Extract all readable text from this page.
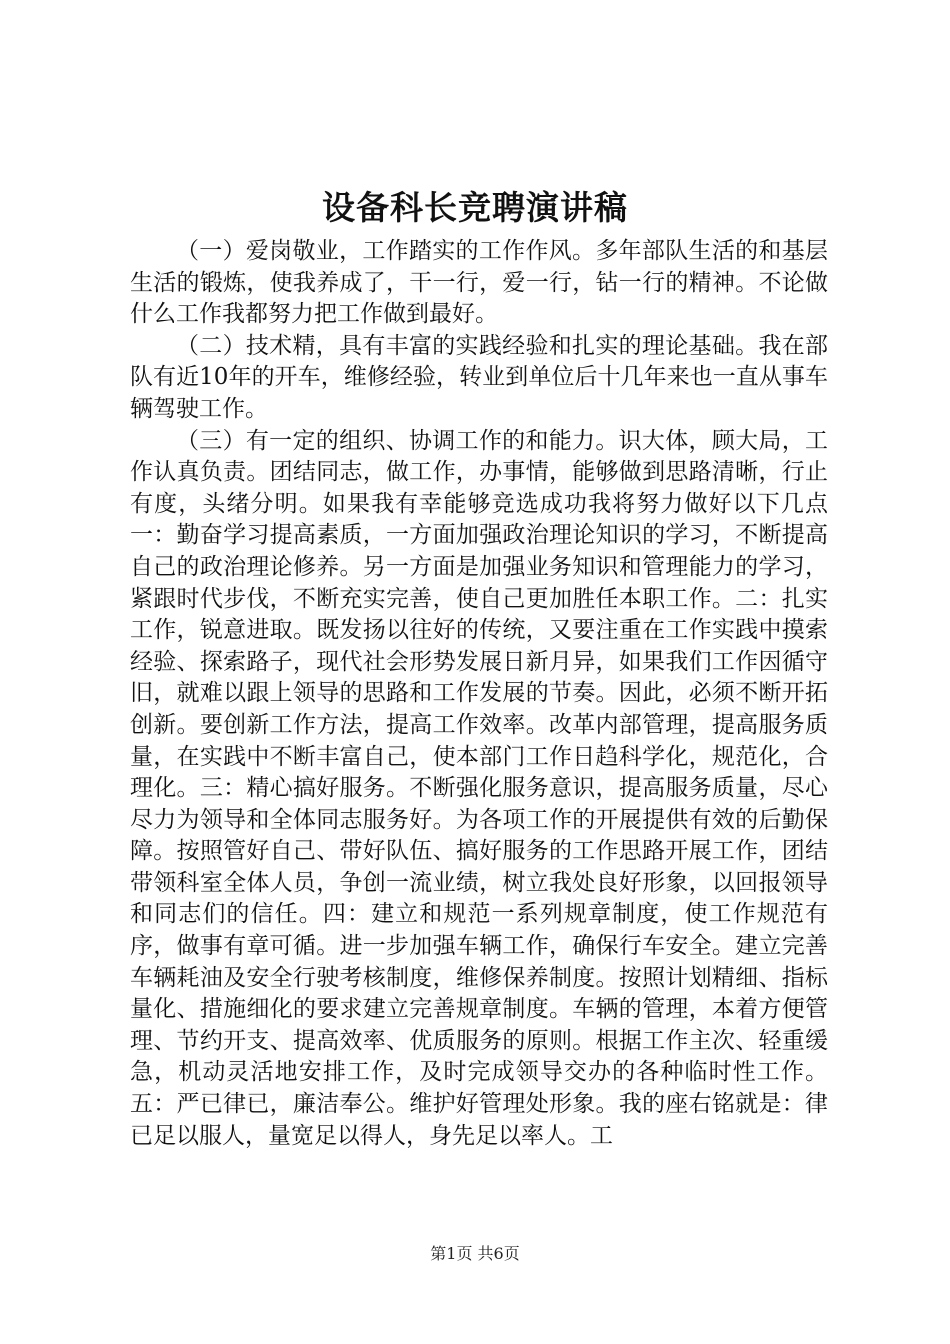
设备科长竞聘演讲稿

（一）爱岗敬业，工作踏实的工作作风。多年部队生活的和基层生活的锻炼，使我养成了，干一行，爱一行，钻一行的精神。不论做什么工作我都努力把工作做到最好。

（二）技术精，具有丰富的实践经验和扎实的理论基础。我在部队有近10年的开车，维修经验，转业到单位后十几年来也一直从事车辆驾驶工作。

（三）有一定的组织、协调工作的和能力。识大体，顾大局，工作认真负责。团结同志，做工作，办事情，能够做到思路清晰，行止有度，头绪分明。如果我有幸能够竞选成功我将努力做好以下几点一：勤奋学习提高素质，一方面加强政治理论知识的学习，不断提高自己的政治理论修养。另一方面是加强业务知识和管理能力的学习，紧跟时代步伐，不断充实完善，使自己更加胜任本职工作。二：扎实工作，锐意进取。既发扬以往好的传统，又要注重在工作实践中摸索经验、探索路子，现代社会形势发展日新月异，如果我们工作因循守旧，就难以跟上领导的思路和工作发展的节奏。因此，必须不断开拓创新。要创新工作方法，提高工作效率。改革内部管理，提高服务质量，在实践中不断丰富自己，使本部门工作日趋科学化，规范化，合理化。三：精心搞好服务。不断强化服务意识，提高服务质量，尽心尽力为领导和全体同志服务好。为各项工作的开展提供有效的后勤保障。按照管好自己、带好队伍、搞好服务的工作思路开展工作，团结带领科室全体人员，争创一流业绩，树立我处良好形象，以回报领导和同志们的信任。四：建立和规范一系列规章制度，使工作规范有序，做事有章可循。进一步加强车辆工作，确保行车安全。建立完善车辆耗油及安全行驶考核制度，维修保养制度。按照计划精细、指标量化、措施细化的要求建立完善规章制度。车辆的管理，本着方便管理、节约开支、提高效率、优质服务的原则。根据工作主次、轻重缓急，机动灵活地安排工作，及时完成领导交办的各种临时性工作。五：严已律已，廉洁奉公。维护好管理处形象。我的座右铭就是：律已足以服人，量宽足以得人，身先足以率人。工

第1页 共6页
